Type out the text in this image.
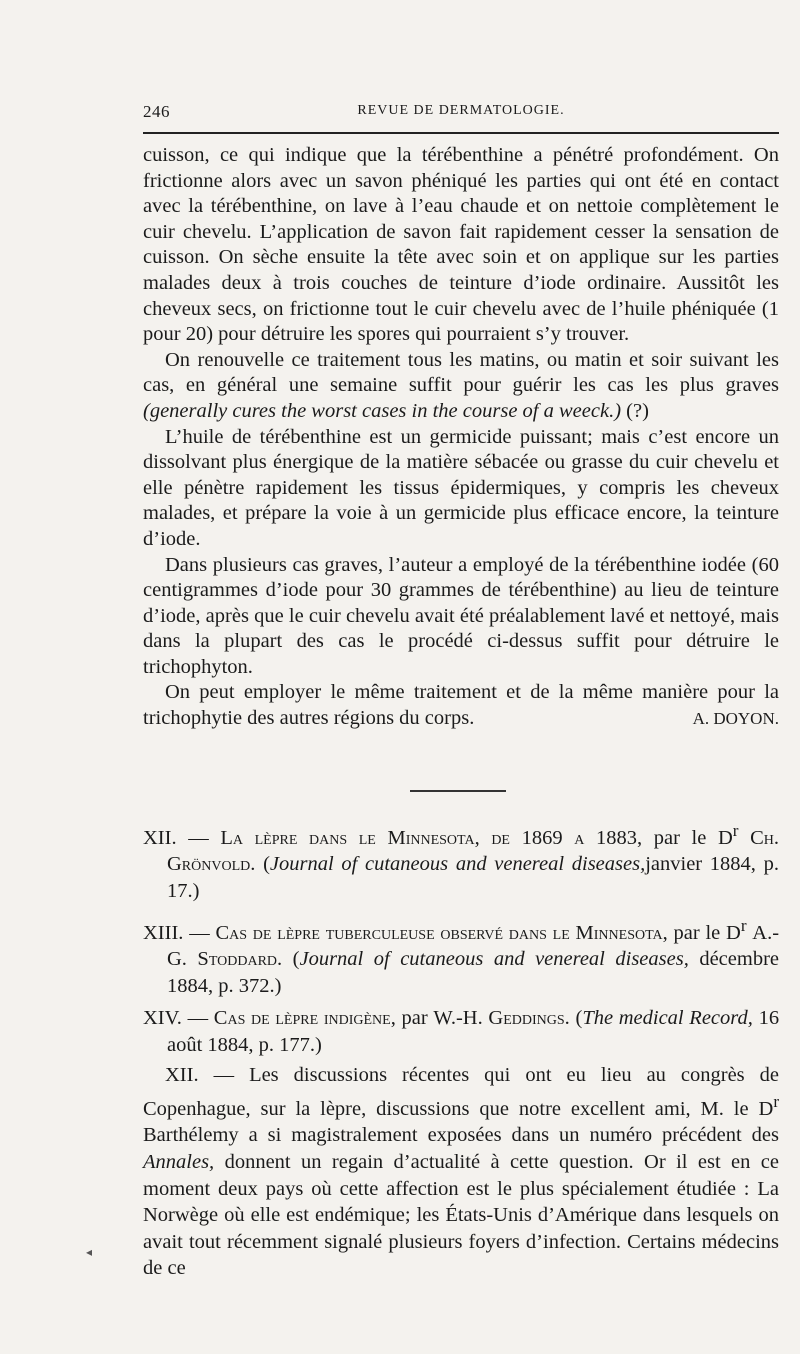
246	REVUE DE DERMATOLOGIE.

cuisson, ce qui indique que la térébenthine a pénétré profondément. On frictionne alors avec un savon phéniqué les parties qui ont été en contact avec la térébenthine, on lave à l’eau chaude et on nettoie complètement le cuir chevelu. L’application de savon fait rapidement cesser la sensation de cuisson. On sèche ensuite la tête avec soin et on applique sur les parties malades deux à trois couches de teinture d’iode ordinaire. Aussitôt les cheveux secs, on frictionne tout le cuir chevelu avec de l’huile phéniquée (1 pour 20) pour détruire les spores qui pourraient s’y trouver.

On renouvelle ce traitement tous les matins, ou matin et soir suivant les cas, en général une semaine suffit pour guérir les cas les plus graves (generally cures the worst cases in the course of a weeck.) (?)

L’huile de térébenthine est un germicide puissant; mais c’est encore un dissolvant plus énergique de la matière sébacée ou grasse du cuir chevelu et elle pénètre rapidement les tissus épidermiques, y compris les cheveux malades, et prépare la voie à un germicide plus efficace encore, la teinture d’iode.

Dans plusieurs cas graves, l’auteur a employé de la térébenthine iodée (60 centigrammes d’iode pour 30 grammes de térébenthine) au lieu de teinture d’iode, après que le cuir chevelu avait été préalablement lavé et nettoyé, mais dans la plupart des cas le procédé ci-dessus suffit pour détruire le trichophyton.

On peut employer le même traitement et de la même manière pour la trichophytie des autres régions du corps.	A. DOYON.

XII. — La lèpre dans le Minnesota, de 1869 a 1883, par le $D^r$ Ch. Grönvold. (Journal of cutaneous and venereal diseases,janvier 1884, p. 17.)

XIII. — Cas de lèpre tuberculeuse observé dans le Minnesota, par le $D^r$ A.-G. Stoddard. (Journal of cutaneous and venereal diseases, décembre 1884, p. 372.)

XIV. — Cas de lèpre indigène, par W.-H. Geddings. (The medical Record, 16 août 1884, p. 177.)

XII. — Les discussions récentes qui ont eu lieu au congrès de Copenhague, sur la lèpre, discussions que notre excellent ami, M. le $D^r$ Barthélemy a si magistralement exposées dans un numéro précédent des Annales, donnent un regain d’actualité à cette question. Or il est en ce moment deux pays où cette affection est le plus spécialement étudiée : La Norwège où elle est endémique; les États-Unis d’Amérique dans lesquels on avait tout récemment signalé plusieurs foyers d’infection. Certains médecins de ce

◂
